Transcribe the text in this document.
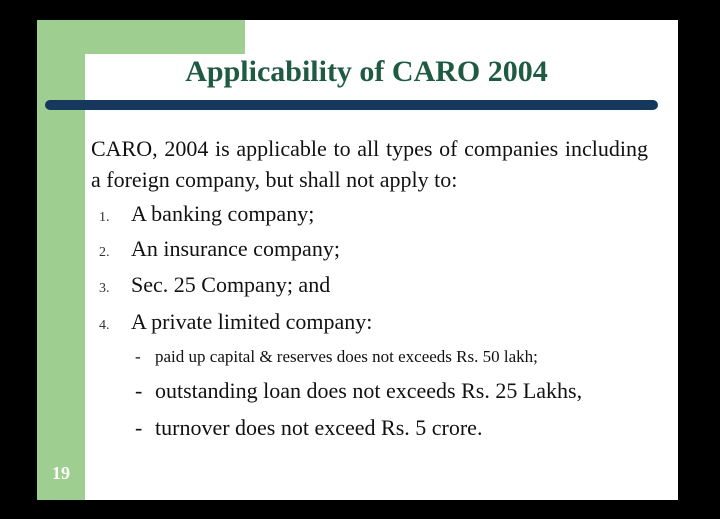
Applicability of CARO 2004
CARO, 2004 is applicable to all types of companies including a foreign company, but shall not apply to:
1. A banking company;
2. An insurance company;
3. Sec. 25 Company; and
4. A private limited company:
- paid up capital & reserves does not exceeds Rs. 50 lakh;
- outstanding loan does not exceeds Rs. 25 Lakhs,
- turnover does not exceed Rs. 5 crore.
19
